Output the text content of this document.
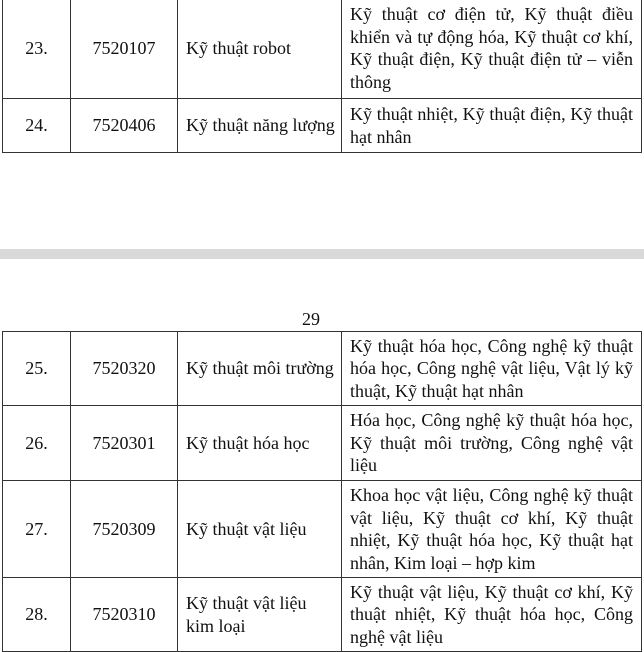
23.	7520107	Kỹ thuật robot	Kỹ thuật cơ điện tử, Kỹ thuật điều khiển và tự động hóa, Kỹ thuật cơ khí, Kỹ thuật điện, Kỹ thuật điện tử – viễn thông
24.	7520406	Kỹ thuật năng lượng	Kỹ thuật nhiệt, Kỹ thuật điện, Kỹ thuật hạt nhân
29
25.	7520320	Kỹ thuật môi trường	Kỹ thuật hóa học, Công nghệ kỹ thuật hóa học, Công nghệ vật liệu, Vật lý kỹ thuật, Kỹ thuật hạt nhân
26.	7520301	Kỹ thuật hóa học	Hóa học, Công nghệ kỹ thuật hóa học, Kỹ thuật môi trường, Công nghệ vật liệu
27.	7520309	Kỹ thuật vật liệu	Khoa học vật liệu, Công nghệ kỹ thuật vật liệu, Kỹ thuật cơ khí, Kỹ thuật nhiệt, Kỹ thuật hóa học, Kỹ thuật hạt nhân, Kim loại – hợp kim
28.	7520310	Kỹ thuật vật liệu kim loại	Kỹ thuật vật liệu, Kỹ thuật cơ khí, Kỹ thuật nhiệt, Kỹ thuật hóa học, Công nghệ vật liệu
